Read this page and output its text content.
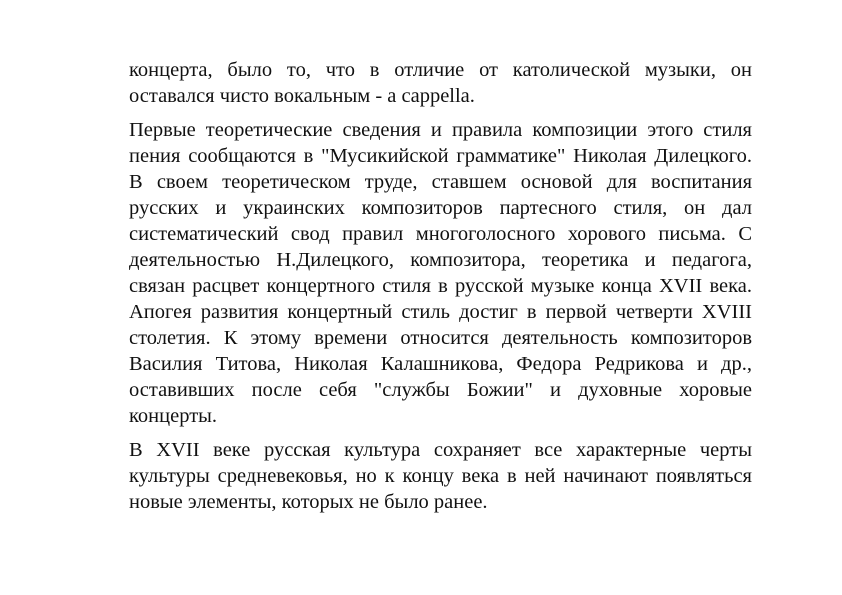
концерта, было то, что в отличие от католической музыки, он оставался чисто вокальным - a cappella.

Первые теоретические сведения и правила композиции этого стиля пения сообщаются в "Мусикийской грамматике" Николая Дилецкого. В своем теоретическом труде, ставшем основой для воспитания русских и украинских композиторов партесного стиля, он дал систематический свод правил многоголосного хорового письма. С деятельностью Н.Дилецкого, композитора, теоретика и педагога, связан расцвет концертного стиля в русской музыке конца XVII века. Апогея развития концертный стиль достиг в первой четверти XVIII столетия. К этому времени относится деятельность композиторов Василия Титова, Николая Калашникова, Федора Редрикова и др., оставивших после себя "службы Божии" и духовные хоровые концерты.

В XVII веке русская культура сохраняет все характерные черты культуры средневековья, но к концу века в ней начинают появляться новые элементы, которых не было ранее.
